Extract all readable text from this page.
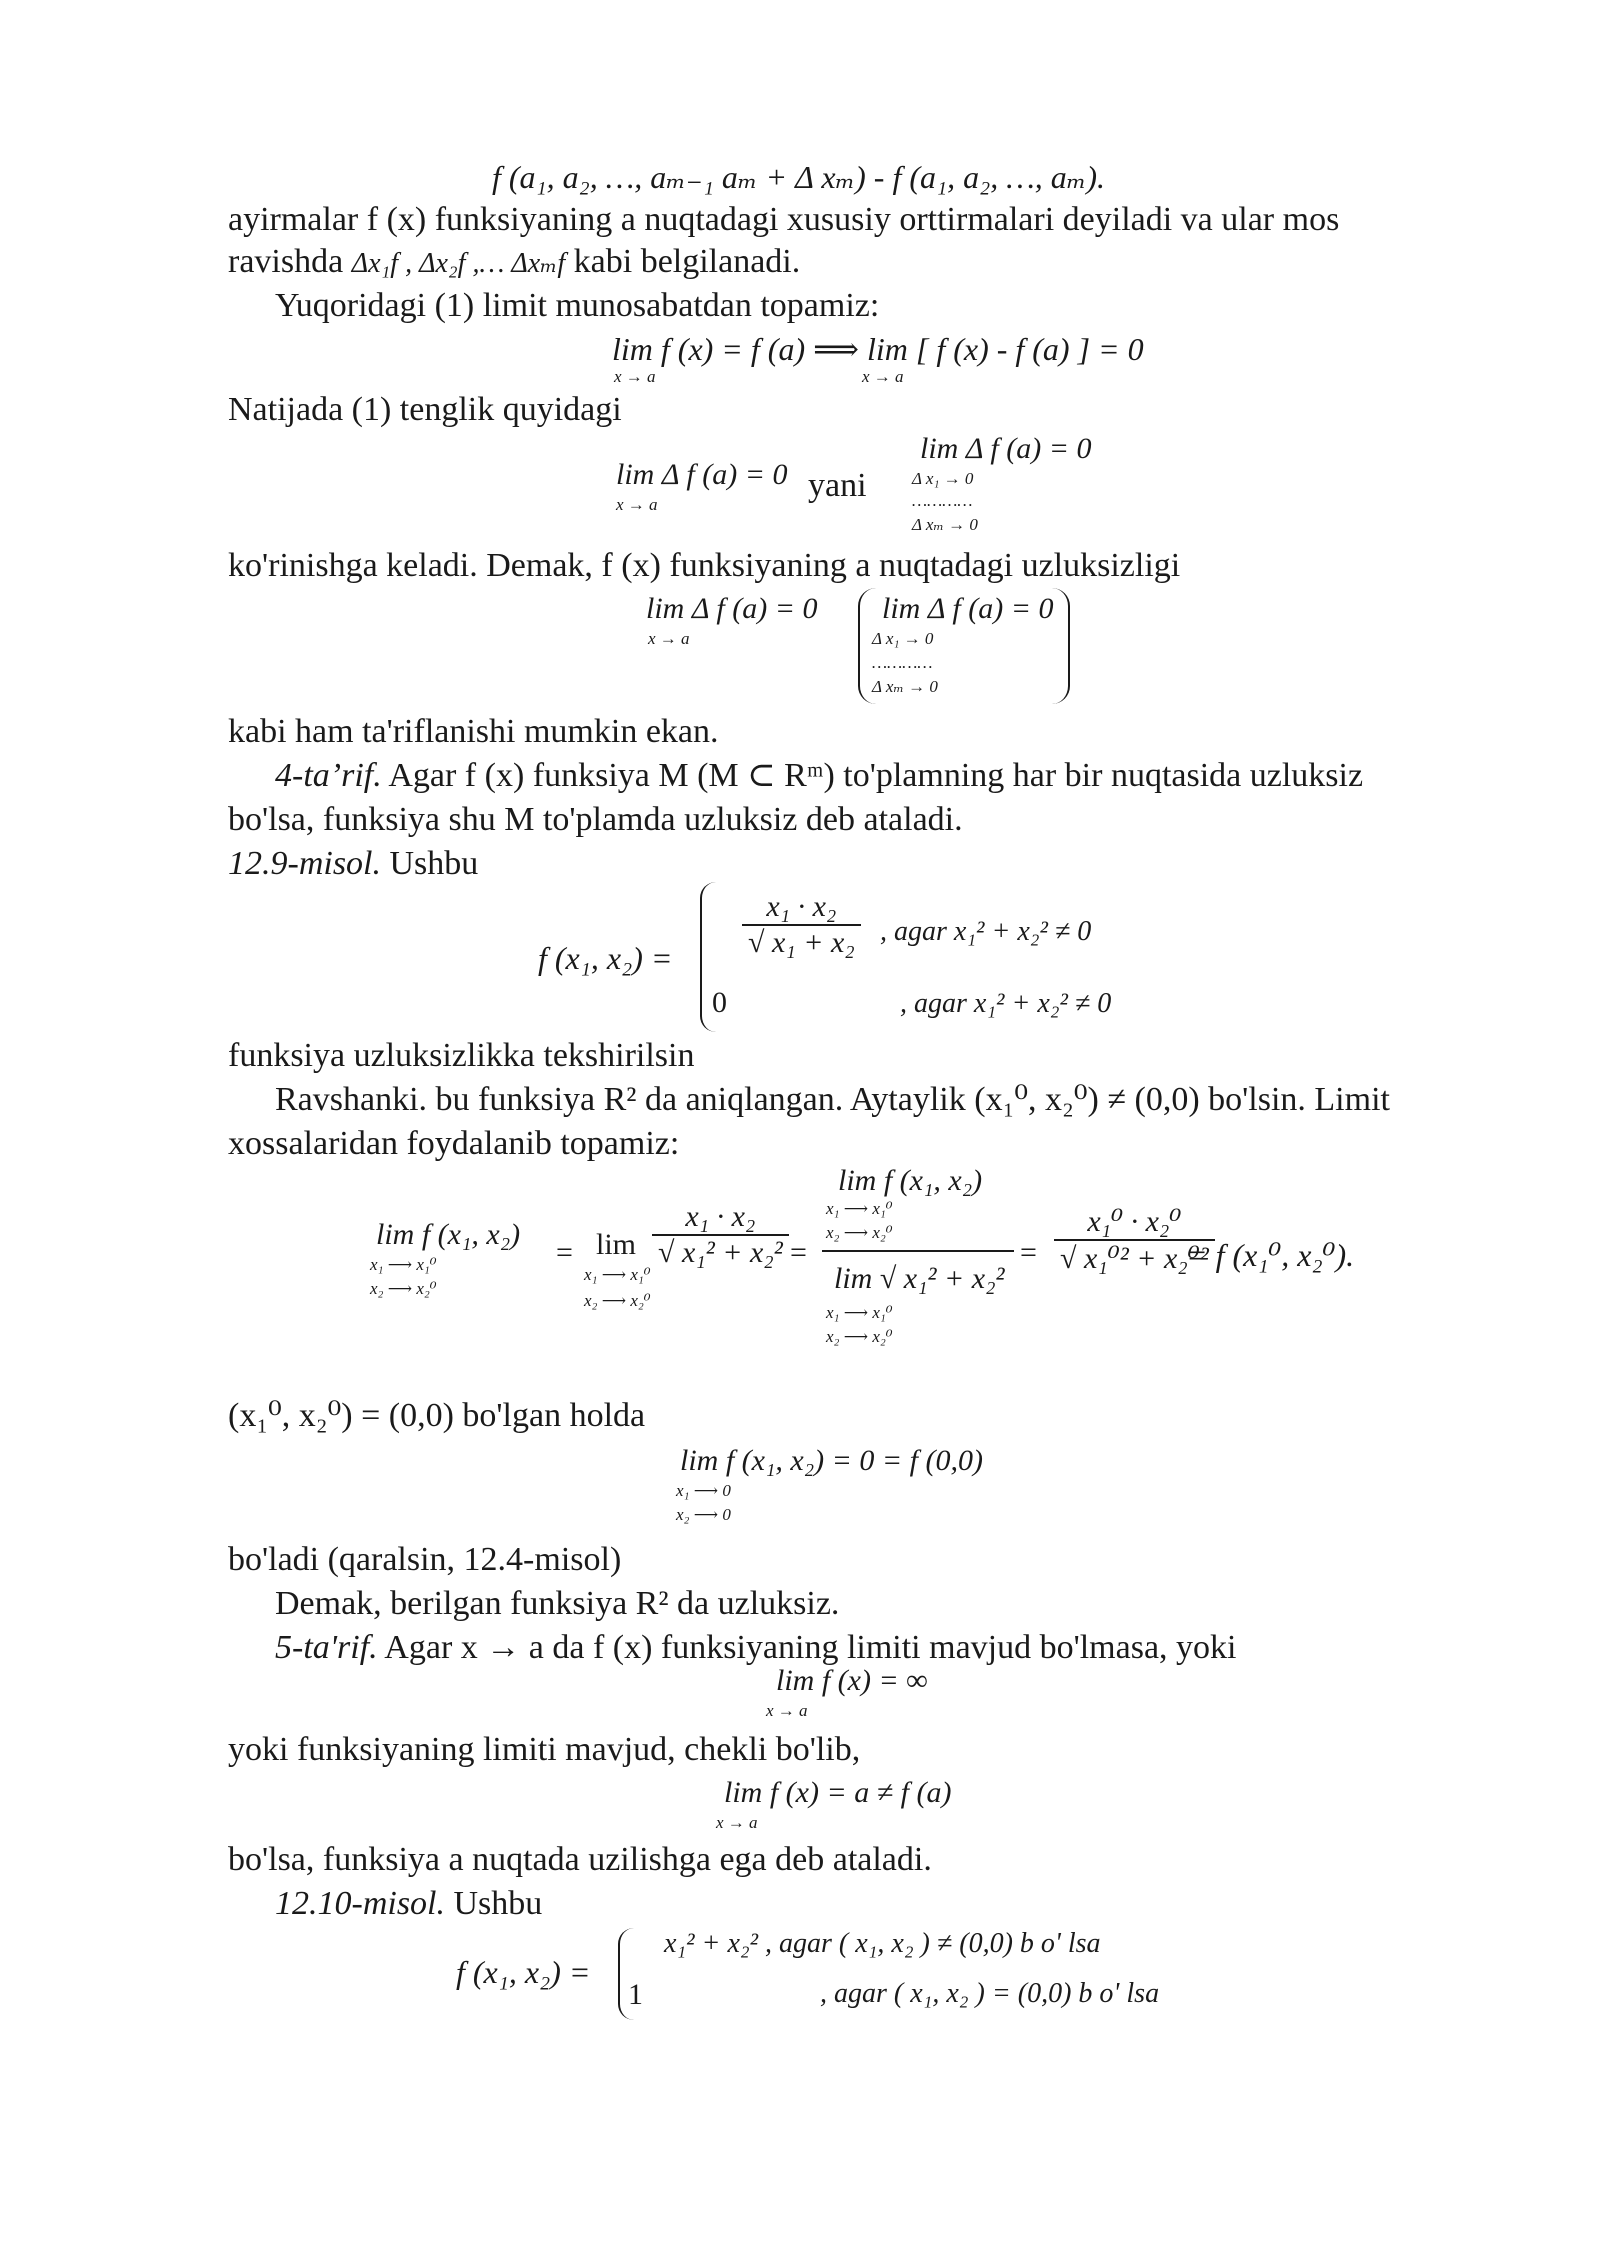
f (a₁, a₂, …, aₘ₋₁ aₘ + Δ xₘ) - f (a₁, a₂, …, aₘ).
ayirmalar f (x) funksiyaning a nuqtadagi xususiy orttirmalari deyiladi va ular mos
ravishda Δx₁f , Δx₂f ,… Δxₘf kabi belgilanadi.
Yuqoridagi (1) limit munosabatdan topamiz:
lim f (x) = f (a) ⟹ lim [ f (x) - f (a) ] = 0
x → a	x → a
Natijada (1) tenglik quyidagi
lim Δ f (a) = 0
x → a
yani
lim Δ f (a) = 0
Δ x₁ → 0
…………
Δ xₘ → 0
ko'rinishga keladi. Demak, f (x) funksiyaning a nuqtadagi uzluksizligi
lim Δ f (a) = 0
x → a
lim Δ f (a) = 0
Δ x₁ → 0
…………
Δ xₘ → 0
kabi ham ta'riflanishi mumkin ekan.
4-ta’rif. Agar f (x) funksiya M (M ⊂ Rᵐ) to'plamning har bir nuqtasida uzluksiz
bo'lsa, funksiya shu M to'plamda uzluksiz deb ataladi.
12.9-misol. Ushbu
f (x₁, $x_2) = \frac{\text{x₁ · x₂}}{\text{√ x₁ + x₂}}$ , agar x₁² + x₂² ≠ 0
0	, agar x₁² + x₂² ≠ 0
funksiya uzluksizlikka tekshirilsin
Ravshanki. bu funksiya R² da aniqlangan. Aytaylik (x₁⁰, x₂⁰) ≠ (0,0) bo'lsin. Limit
xossalaridan foydalanib topamiz:
lim f (x₁, x₂)
x₁ ⟶ x₁⁰
x₂ ⟶ x₂⁰
= lim
x₁ ⟶ x₁⁰
x₂ ⟶ x₂⁰
$\frac{\text{x₁ · x₂}}{\text{√ x₁² + x₂²}}$ =
lim f (x₁, x₂)
x₁ ⟶ x₁⁰
x₂ ⟶ x₂⁰
lim √ x₁² + x₂²
x₁ ⟶ x₁⁰
x₂ ⟶ x₂⁰
= $\frac{\text{x₁⁰ · x₂⁰}}{\text{√ x₁⁰² + x₂⁰²}}$
= f (x₁⁰, x₂⁰).
(x₁⁰, x₂⁰) = (0,0) bo'lgan holda
lim f (x₁, x₂) = 0 = f (0,0)
x₁ ⟶ 0
x₂ ⟶ 0
bo'ladi (qaralsin, 12.4-misol)
Demak, berilgan funksiya R² da uzluksiz.
5-ta'rif. Agar x → a da f (x) funksiyaning limiti mavjud bo'lmasa, yoki
lim f (x) = ∞
x → a
yoki funksiyaning limiti mavjud, chekli bo'lib,
lim f (x) = a ≠ f (a)
x → a
bo'lsa, funksiya a nuqtada uzilishga ega deb ataladi.
12.10-misol. Ushbu
f (x₁, x₂) =
x₁² + x₂² , agar ( x₁, x₂ ) ≠ (0,0) b o' lsa
1	, agar ( x₁, x₂ ) = (0,0) b o' lsa
